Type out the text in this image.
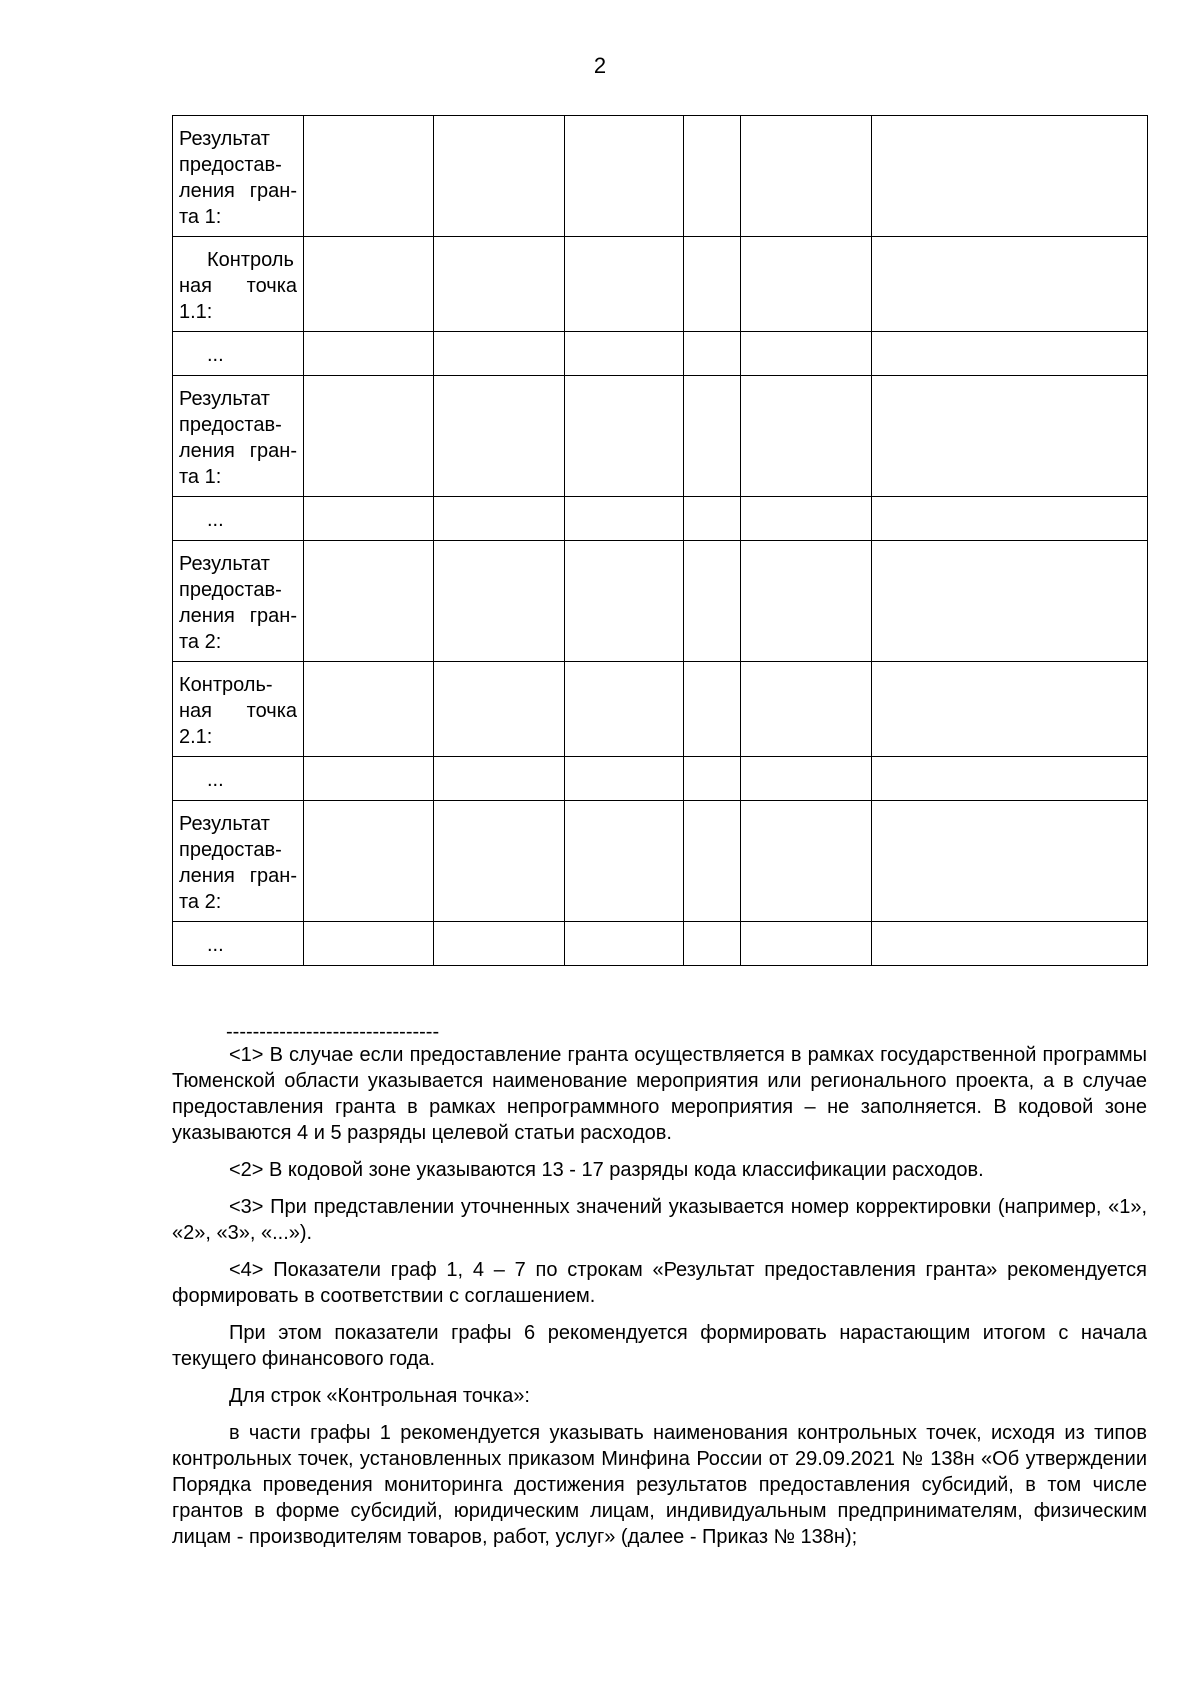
2
Результат предостав-ления гран-та 1:						

Контроль ная точка 1.1:						

...						

Результат предостав-ления гран-та 1:						

...						

Результат предостав-ления гран-та 2:						

Контроль-ная точка 2.1:						

...						

Результат предостав-ления гран-та 2:						

...						

--------------------------------

<1> В случае если предоставление гранта осуществляется в рамках государственной программы Тюменской области указывается наименование мероприятия или регионального проекта, а в случае предоставления гранта в рамках непрограммного мероприятия – не заполняется. В кодовой зоне указываются 4 и 5 разряды целевой статьи расходов.

<2> В кодовой зоне указываются 13 - 17 разряды кода классификации расходов.

<3> При представлении уточненных значений указывается номер корректировки (например, «1», «2», «3», «...»).

<4> Показатели граф 1, 4 – 7 по строкам «Результат предоставления гранта» рекомендуется формировать в соответствии с соглашением.

При этом показатели графы 6 рекомендуется формировать нарастающим итогом с начала текущего финансового года.

Для строк «Контрольная точка»:

в части графы 1 рекомендуется указывать наименования контрольных точек, исходя из типов контрольных точек, установленных приказом Минфина России от 29.09.2021 № 138н «Об утверждении Порядка проведения мониторинга достижения результатов предоставления субсидий, в том числе грантов в форме субсидий, юридическим лицам, индивидуальным предпринимателям, физическим лицам - производителям товаров, работ, услуг» (далее - Приказ № 138н);
